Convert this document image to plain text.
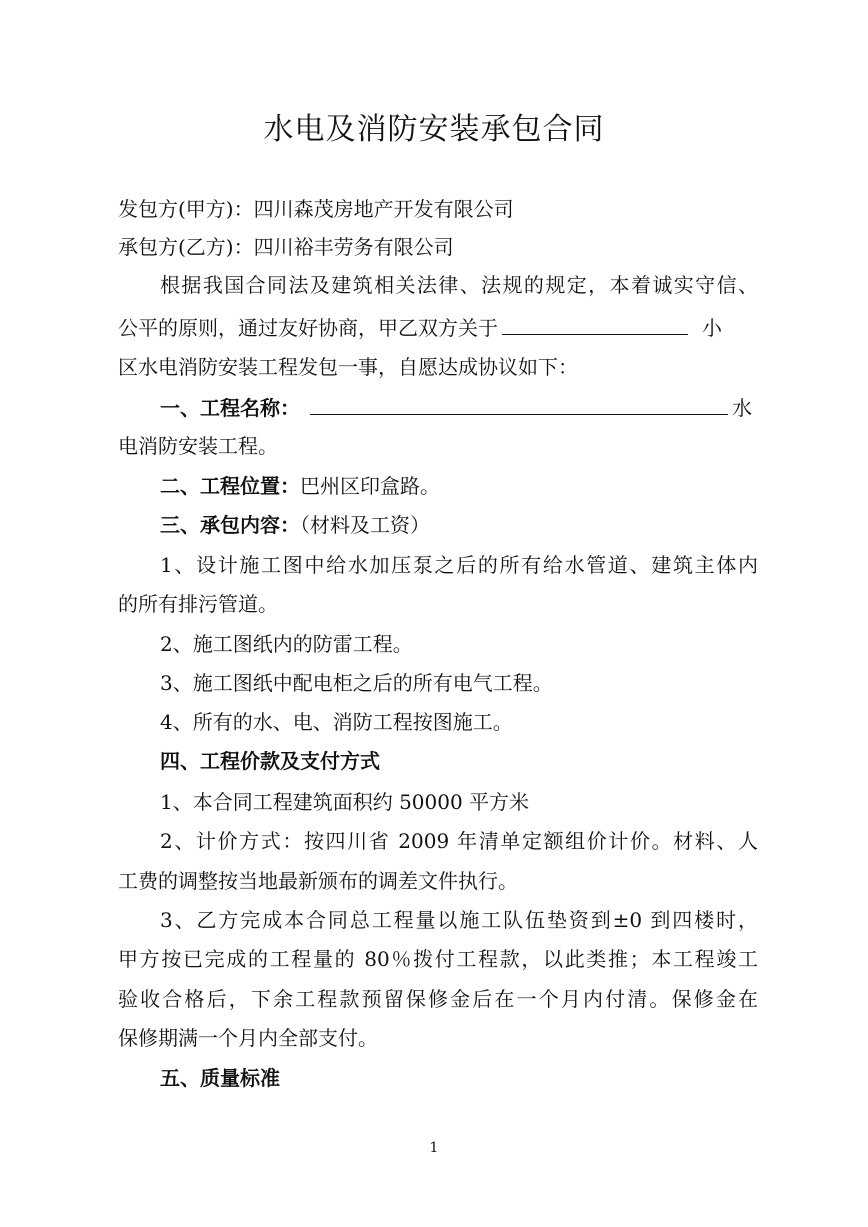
水电及消防安装承包合同
发包方(甲方)：四川森茂房地产开发有限公司
承包方(乙方)：四川裕丰劳务有限公司
根据我国合同法及建筑相关法律、法规的规定，本着诚实守信、
公平的原则，通过友好协商，甲乙双方关于	小
区水电消防安装工程发包一事，自愿达成协议如下：
一、工程名称：	水
电消防安装工程。
二、工程位置：巴州区印盒路。
三、承包内容：（材料及工资）
1、设计施工图中给水加压泵之后的所有给水管道、建筑主体内
的所有排污管道。
2、施工图纸内的防雷工程。
3、施工图纸中配电柜之后的所有电气工程。
4、所有的水、电、消防工程按图施工。
四、工程价款及支付方式
1、本合同工程建筑面积约 50000 平方米
2、计价方式：按四川省 2009 年清单定额组价计价。材料、人
工费的调整按当地最新颁布的调差文件执行。
3、乙方完成本合同总工程量以施工队伍垫资到±0 到四楼时，
甲方按已完成的工程量的 80％拨付工程款，以此类推；本工程竣工
验收合格后，下余工程款预留保修金后在一个月内付清。保修金在
保修期满一个月内全部支付。
五、质量标准
1
